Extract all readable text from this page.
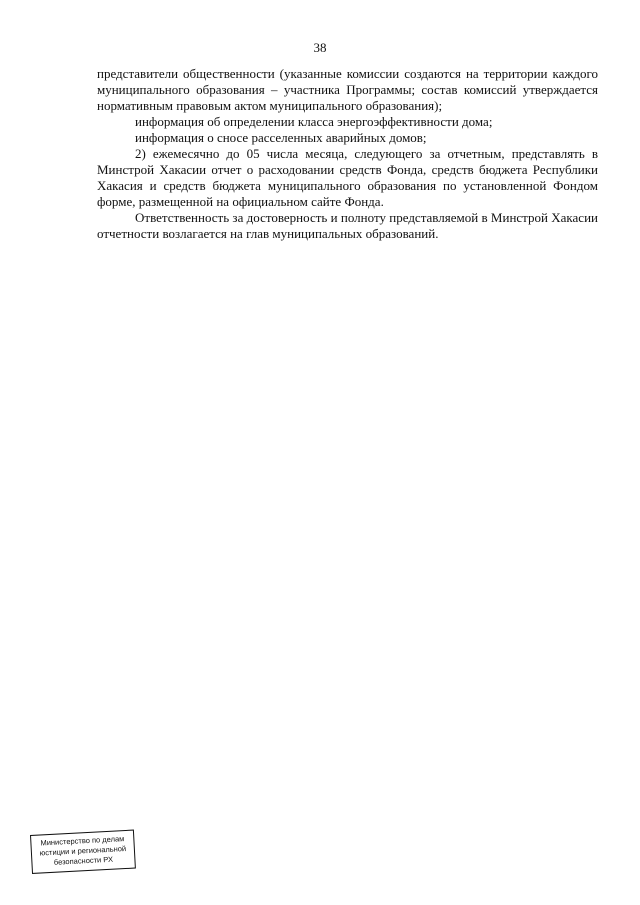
38

представители общественности (указанные комиссии создаются на территории каждого муниципального образования – участника Программы; состав комиссий утверждается нормативным правовым актом муниципального образования);

информация об определении класса энергоэффективности дома;

информация о сносе расселенных аварийных домов;

2) ежемесячно до 05 числа месяца, следующего за отчетным, представлять в Минстрой Хакасии отчет о расходовании средств Фонда, средств бюджета Республики Хакасия и средств бюджета муниципального образования по установленной Фондом форме, размещенной на официальном сайте Фонда.

Ответственность за достоверность и полноту представляемой в Минстрой Хакасии отчетности возлагается на глав муниципальных образований.

Министерство по делам
юстиции и региональной
безопасности РХ
